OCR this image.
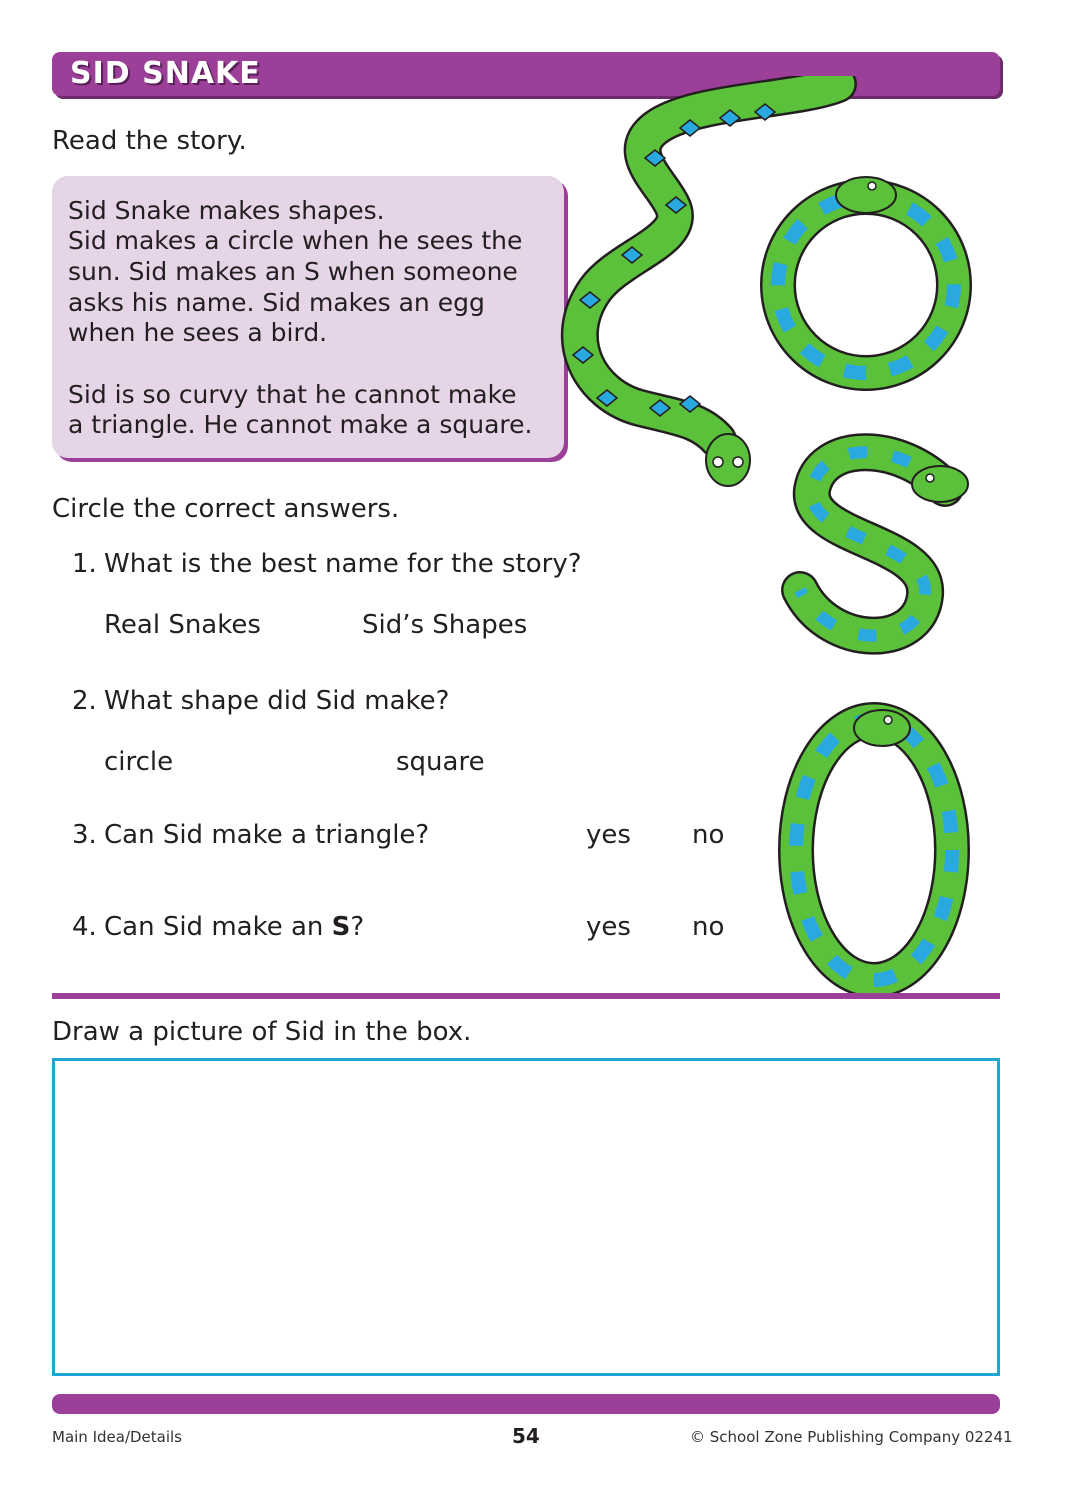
SID SNAKE
Read the story.

Sid Snake makes shapes.

Sid makes a circle when he sees the

sun. Sid makes an S when someone

asks his name. Sid makes an egg

when he sees a bird.

Sid is so curvy that he cannot make

a triangle. He cannot make a square.

Circle the correct answers.
1. What is the best name for the story?
Real Snakes	Sid’s Shapes
2. What shape did Sid make?
circle	square
3. Can Sid make a triangle?	yes no
4. Can Sid make an S?	yes no
Draw a picture of Sid in the box.
Main Idea/Details	54	© School Zone Publishing Company 02241
